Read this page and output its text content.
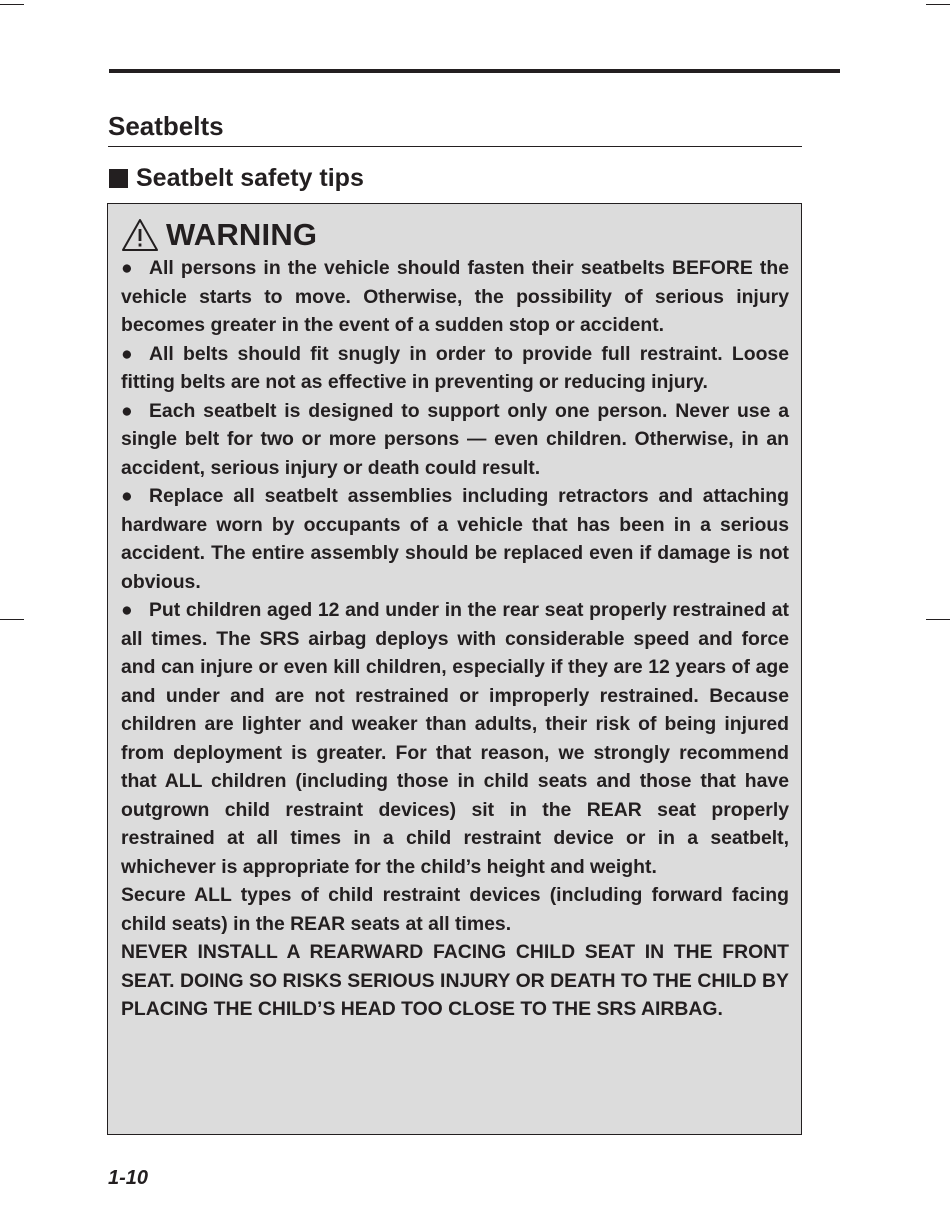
Seatbelts
Seatbelt safety tips
WARNING

● All persons in the vehicle should fasten their seatbelts BEFORE the vehicle starts to move. Otherwise, the possibility of serious injury becomes greater in the event of a sudden stop or accident.

● All belts should fit snugly in order to provide full restraint. Loose fitting belts are not as effective in preventing or reducing injury.

● Each seatbelt is designed to support only one person. Never use a single belt for two or more persons — even children. Otherwise, in an accident, serious injury or death could result.

● Replace all seatbelt assemblies including retractors and attaching hardware worn by occupants of a vehicle that has been in a serious accident. The entire assembly should be replaced even if damage is not obvious.

● Put children aged 12 and under in the rear seat properly restrained at all times. The SRS airbag deploys with considerable speed and force and can injure or even kill children, especially if they are 12 years of age and under and are not restrained or improperly restrained. Because children are lighter and weaker than adults, their risk of being injured from deployment is greater. For that reason, we strongly recommend that ALL children (including those in child seats and those that have outgrown child restraint devices) sit in the REAR seat properly restrained at all times in a child restraint device or in a seatbelt, whichever is appropriate for the child’s height and weight.

Secure ALL types of child restraint devices (including forward facing child seats) in the REAR seats at all times.

NEVER INSTALL A REARWARD FACING CHILD SEAT IN THE FRONT SEAT. DOING SO RISKS SERIOUS INJURY OR DEATH TO THE CHILD BY PLACING THE CHILD’S HEAD TOO CLOSE TO THE SRS AIRBAG.

1-10
